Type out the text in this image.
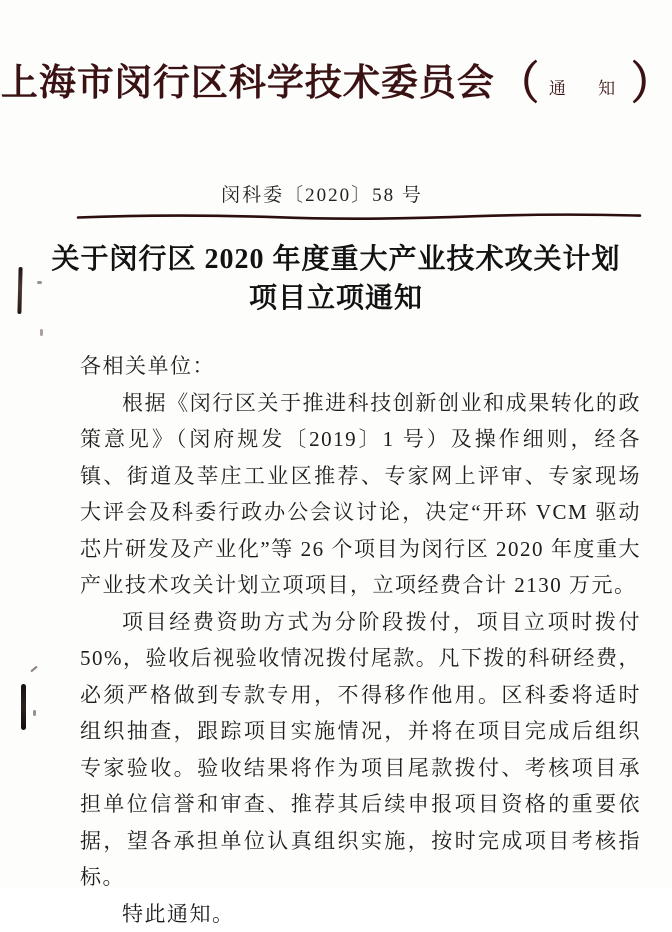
上海市闵行区科学技术委员会 （ 通 知 ）
闵科委〔2020〕58 号
关于闵行区 2020 年度重大产业技术攻关计划
项目立项通知

各相关单位：

根据《闵行区关于推进科技创新创业和成果转化的政策意见》（闵府规发〔2019〕1 号）及操作细则，经各镇、街道及莘庄工业区推荐、专家网上评审、专家现场大评会及科委行政办公会议讨论，决定“开环 VCM 驱动芯片研发及产业化”等 26 个项目为闵行区 2020 年度重大产业技术攻关计划立项项目，立项经费合计 2130 万元。

项目经费资助方式为分阶段拨付，项目立项时拨付 50%，验收后视验收情况拨付尾款。凡下拨的科研经费，必须严格做到专款专用，不得移作他用。区科委将适时组织抽查，跟踪项目实施情况，并将在项目完成后组织专家验收。验收结果将作为项目尾款拨付、考核项目承担单位信誉和审查、推荐其后续申报项目资格的重要依据，望各承担单位认真组织实施，按时完成项目考核指标。

特此通知。
